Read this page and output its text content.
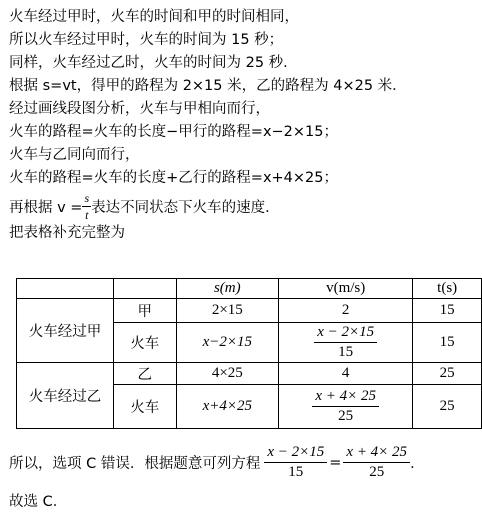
火车经过甲时，火车的时间和甲的时间相同，
所以火车经过甲时，火车的时间为 15 秒；
同样，火车经过乙时，火车的时间为 25 秒．
根据 s=vt，得甲的路程为 2×15 米，乙的路程为 4×25 米．
经过画线段图分析，火车与甲相向而行，
火车的路程=火车的长度−甲行的路程=x−2×15；
火车与乙同向而行，
火车的路程=火车的长度+乙行的路程=x+4×25；
再根据 $v = \frac{s}{t}$ 表达不同状态下火车的速度．
把表格补充完整为
		s(m)	v(m/s)	t(s)
火车经过甲	甲	2×15	2	15
	火车	x−2×15	$\frac{x - 2\times 15}{15}$	15
火车经过乙	乙	4×25	4	25
	火车	x+4×25	$\frac{x + 4\times 25}{25}$	25
所以，选项 C 错误．根据题意可列方程 $\frac{x - 2\times 15}{15} = \frac{x + 4\times 25}{25}$ ．
故选 C．
